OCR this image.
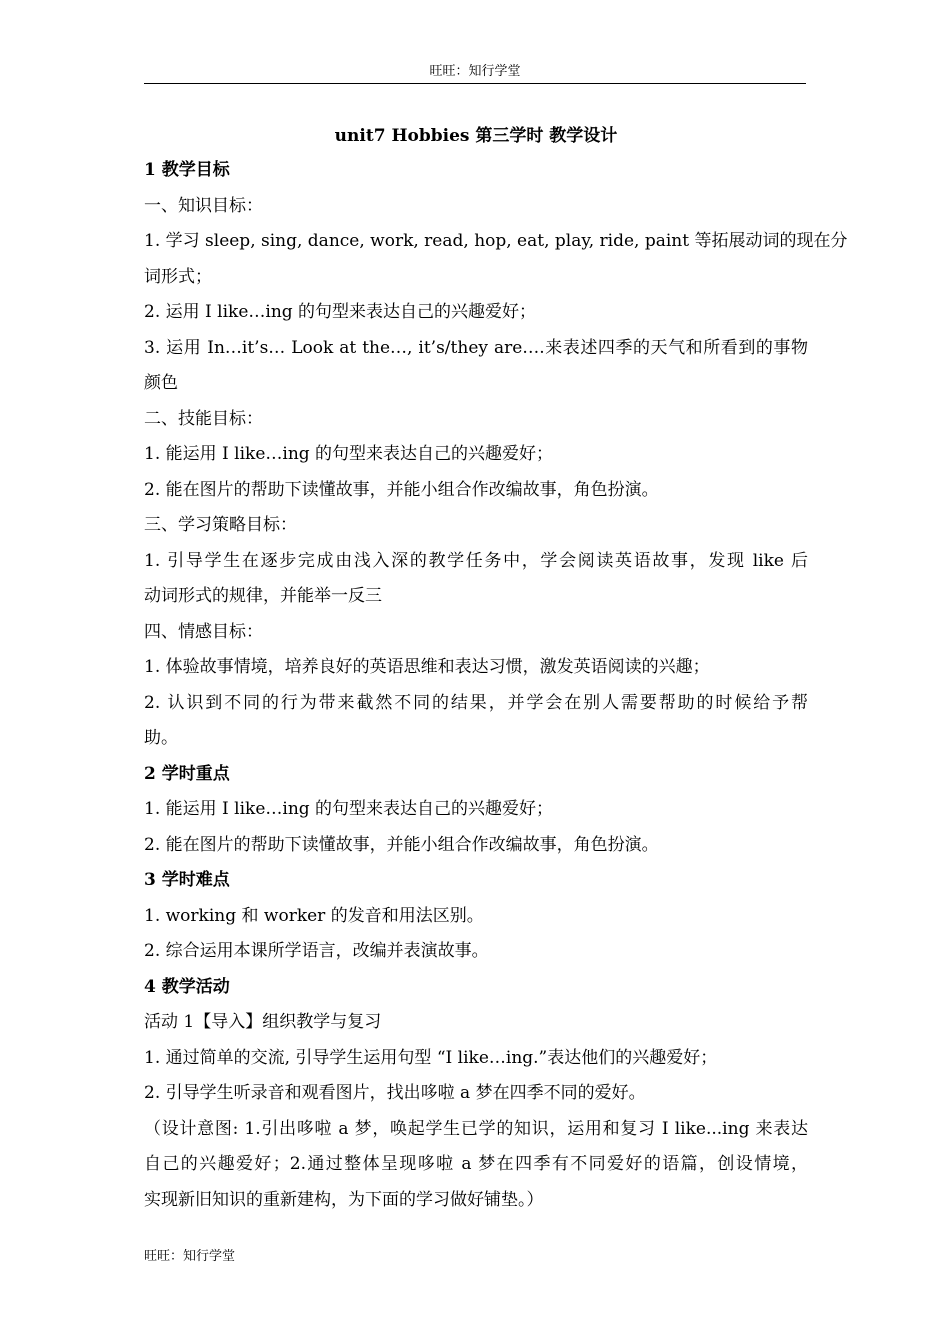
旺旺：知行学堂
unit7 Hobbies 第三学时 教学设计
1 教学目标
一、知识目标：
1. 学习 sleep, sing, dance, work, read, hop, eat, play, ride, paint 等拓展动词的现在分
词形式；
2. 运用 I like…ing 的句型来表达自己的兴趣爱好；
3. 运用 In…it’s… Look at the…, it’s/they are….来表述四季的天气和所看到的事物
颜色
二、技能目标：
1. 能运用 I like…ing 的句型来表达自己的兴趣爱好；
2. 能在图片的帮助下读懂故事，并能小组合作改编故事，角色扮演。
三、学习策略目标：
1. 引导学生在逐步完成由浅入深的教学任务中，学会阅读英语故事，发现 like 后
动词形式的规律，并能举一反三
四、情感目标：
1. 体验故事情境，培养良好的英语思维和表达习惯，激发英语阅读的兴趣；
2. 认识到不同的行为带来截然不同的结果，并学会在别人需要帮助的时候给予帮
助。
2 学时重点
1. 能运用 I like…ing 的句型来表达自己的兴趣爱好；
2. 能在图片的帮助下读懂故事，并能小组合作改编故事，角色扮演。
3 学时难点
1. working 和 worker 的发音和用法区别。
2. 综合运用本课所学语言，改编并表演故事。
4 教学活动
活动 1【导入】组织教学与复习
1. 通过简单的交流, 引导学生运用句型 “I like…ing.”表达他们的兴趣爱好；
2. 引导学生听录音和观看图片，找出哆啦 a 梦在四季不同的爱好。
（设计意图: 1.引出哆啦 a 梦，唤起学生已学的知识，运用和复习 I like...ing 来表达
自己的兴趣爱好；2.通过整体呈现哆啦 a 梦在四季有不同爱好的语篇，创设情境，
实现新旧知识的重新建构，为下面的学习做好铺垫。）
旺旺：知行学堂
